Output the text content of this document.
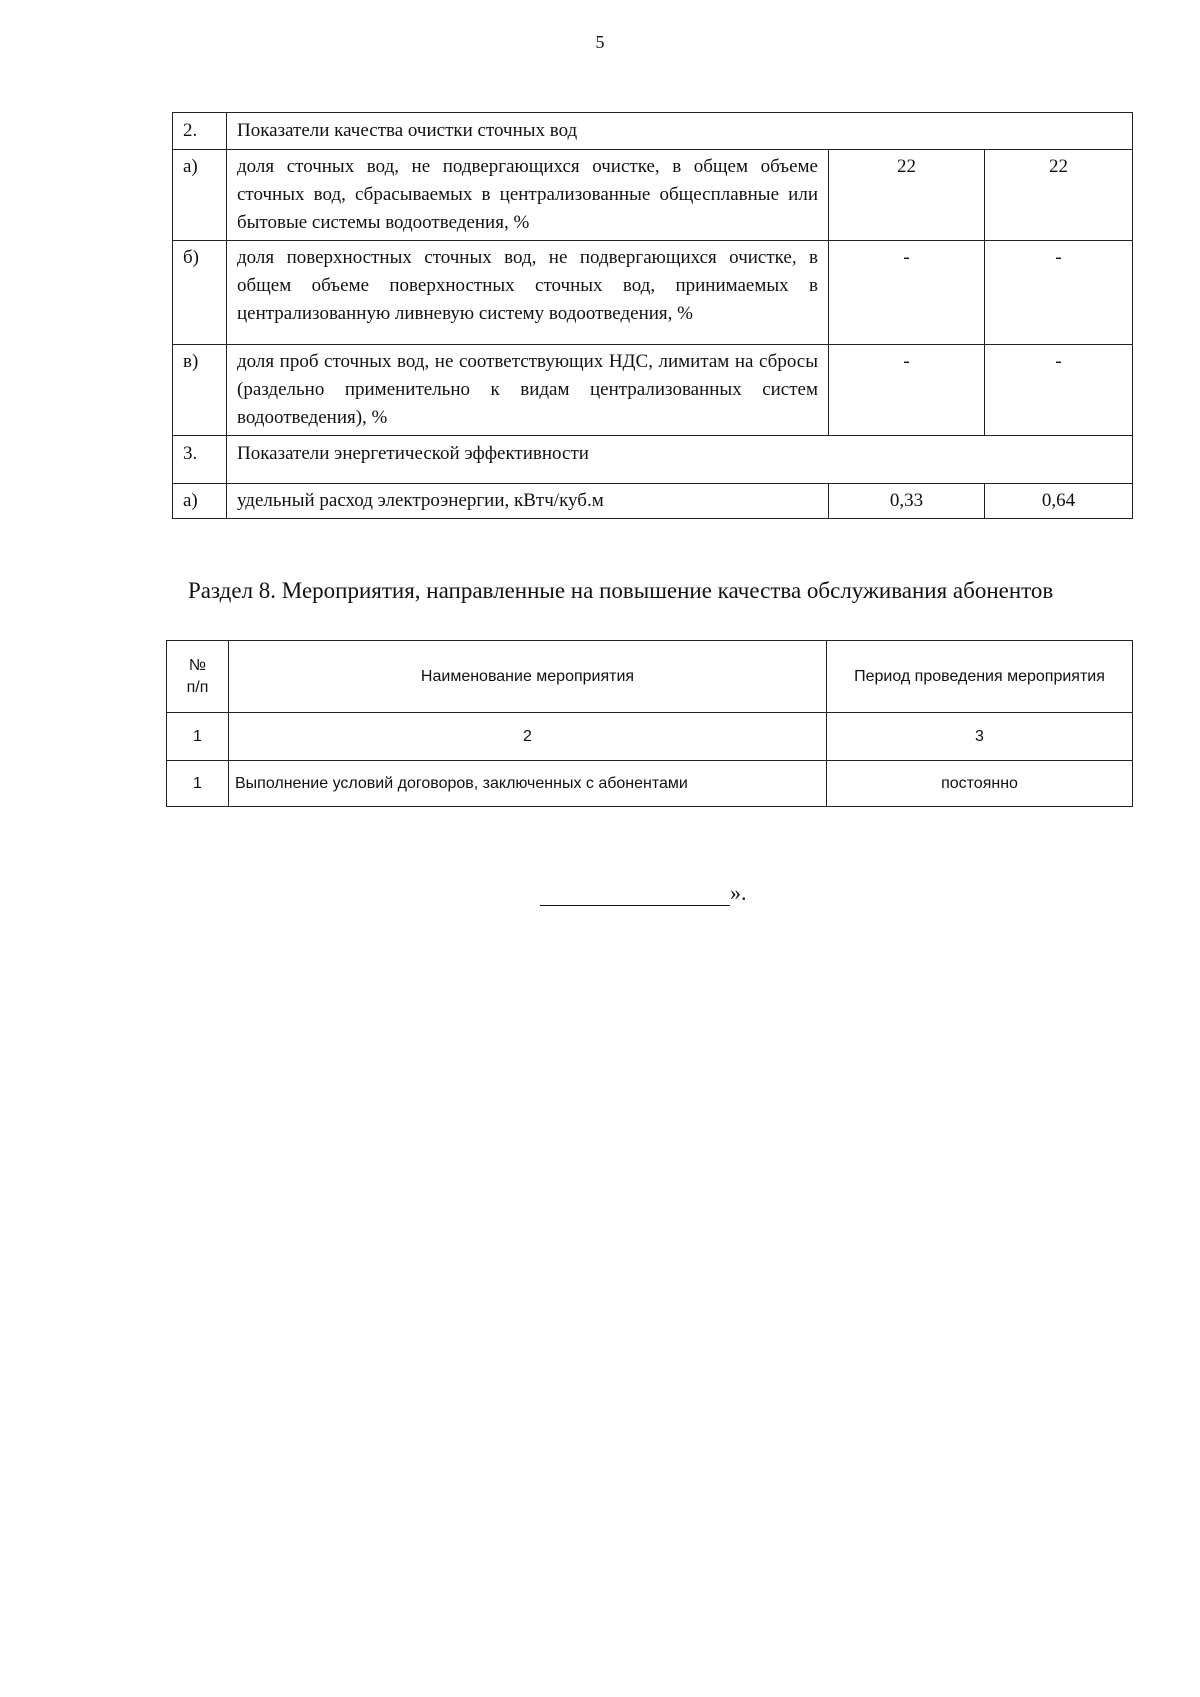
5
2.	Показатели качества очистки сточных вод		
а)	доля сточных вод, не подвергающихся очистке, в общем объеме сточных вод, сбрасываемых в централизованные общесплавные или бытовые системы водоотведения, %	22	22
б)	доля поверхностных сточных вод, не подвергающихся очистке, в общем объеме поверхностных сточных вод, принимаемых в централизованную ливневую систему водоотведения, %	-	-
в)	доля проб сточных вод, не соответствующих НДС, лимитам на сбросы (раздельно применительно к видам централизованных систем водоотведения), %	-	-
3.	Показатели энергетической эффективности		
а)	удельный расход электроэнергии, кВтч/куб.м	0,33	0,64
Раздел 8. Мероприятия, направленные на повышение качества обслуживания абонентов
№ п/п	Наименование мероприятия	Период проведения мероприятия
1	2	3
1	Выполнение условий договоров, заключенных с абонентами	постоянно
».
